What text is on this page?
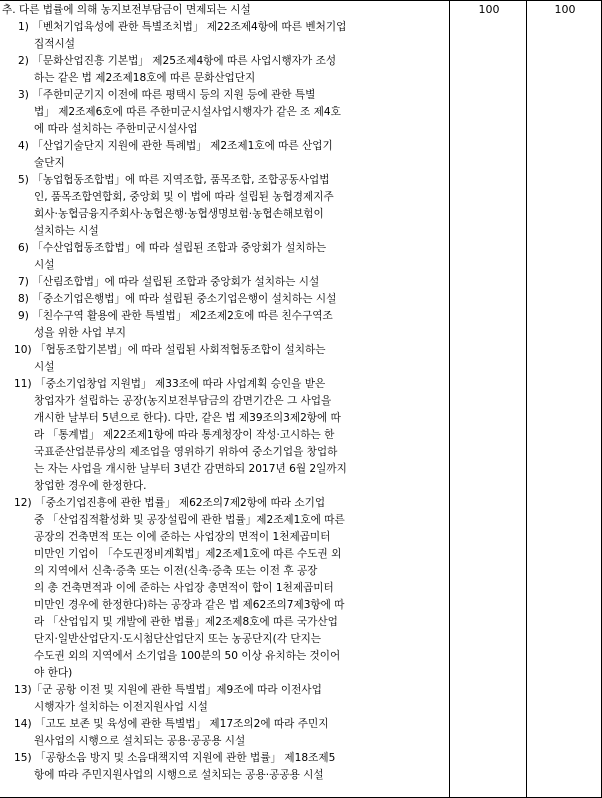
추. 다른 법률에 의해 농지보전부담금이 면제되는 시설
1) 「벤처기업육성에 관한 특별조치법」 제22조제4항에 따른 벤처기업
집적시설
2) 「문화산업진흥 기본법」 제25조제4항에 따른 사업시행자가 조성
하는 같은 법 제2조제18호에 따른 문화산업단지
3) 「주한미군기지 이전에 따른 평택시 등의 지원 등에 관한 특별
법」 제2조제6호에 따른 주한미군시설사업시행자가 같은 조 제4호
에 따라 설치하는 주한미군시설사업
4) 「산업기술단지 지원에 관한 특례법」 제2조제1호에 따른 산업기
술단지
5) 「농업협동조합법」에 따른 지역조합, 품목조합, 조합공동사업법
인, 품목조합연합회, 중앙회 및 이 법에 따라 설립된 농협경제지주
회사·농협금융지주회사·농협은행·농협생명보험·농협손해보험이
설치하는 시설
6) 「수산업협동조합법」에 따라 설립된 조합과 중앙회가 설치하는
시설
7) 「산림조합법」에 따라 설립된 조합과 중앙회가 설치하는 시설
8) 「중소기업은행법」에 따라 설립된 중소기업은행이 설치하는 시설
9) 「친수구역 활용에 관한 특별법」 제2조제2호에 따른 친수구역조
성을 위한 사업 부지
10) 「협동조합기본법」에 따라 설립된 사회적협동조합이 설치하는
시설
11) 「중소기업창업 지원법」 제33조에 따라 사업계획 승인을 받은
창업자가 설립하는 공장(농지보전부담금의 감면기간은 그 사업을
개시한 날부터 5년으로 한다). 다만, 같은 법 제39조의3제2항에 따
라 「통계법」 제22조제1항에 따라 통계청장이 작성·고시하는 한
국표준산업분류상의 제조업을 영위하기 위하여 중소기업을 창업하
는 자는 사업을 개시한 날부터 3년간 감면하되 2017년 6월 2일까지
창업한 경우에 한정한다.
12) 「중소기업진흥에 관한 법률」 제62조의7제2항에 따라 소기업
중 「산업집적활성화 및 공장설립에 관한 법률」제2조제1호에 따른
공장의 건축면적 또는 이에 준하는 사업장의 면적이 1천제곱미터
미만인 기업이 「수도권정비계획법」제2조제1호에 따른 수도권 외
의 지역에서 신축·증축 또는 이전(신축·증축 또는 이전 후 공장
의 총 건축면적과 이에 준하는 사업장 총면적이 합이 1천제곱미터
미만인 경우에 한정한다)하는 공장과 같은 법 제62조의7제3항에 따
라 「산업입지 및 개발에 관한 법률」제2조제8호에 따른 국가산업
단지·일반산업단지·도시첨단산업단지 또는 농공단지(각 단지는
수도권 외의 지역에서 소기업을 100분의 50 이상 유치하는 것이어
야 한다)
13)「군 공항 이전 및 지원에 관한 특별법」제9조에 따라 이전사업
시행자가 설치하는 이전지원사업 시설
14) 「고도 보존 및 육성에 관한 특별법」 제17조의2에 따라 주민지
원사업의 시행으로 설치되는 공용·공공용 시설
15) 「공항소음 방지 및 소음대책지역 지원에 관한 법률」 제18조제5
항에 따라 주민지원사업의 시행으로 설치되는 공용·공공용 시설
100	100
